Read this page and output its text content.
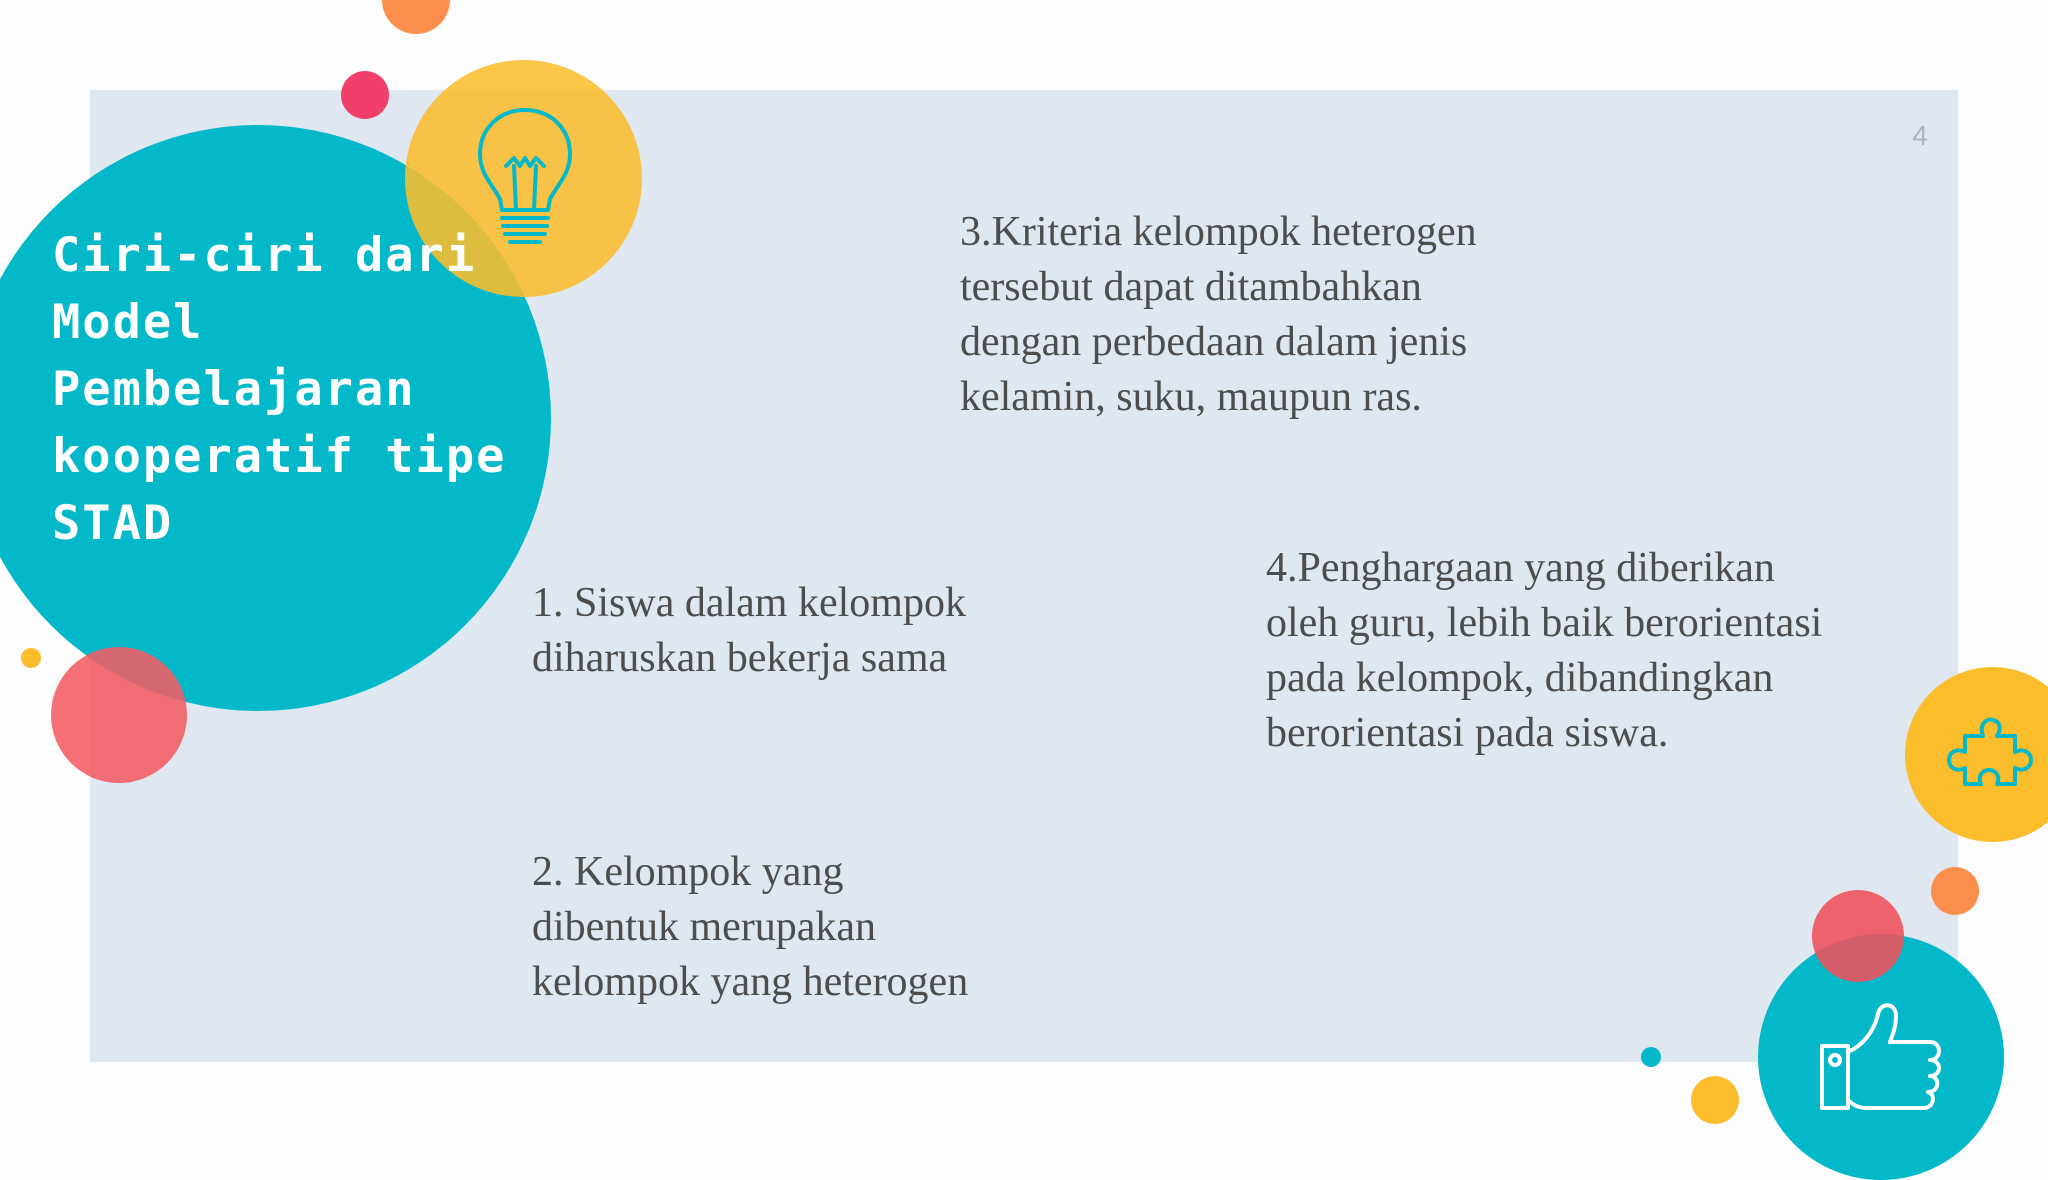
4
Ciri-ciri dari
Model
Pembelajaran
kooperatif tipe
STAD
1. Siswa dalam kelompok
diharuskan bekerja sama
2. Kelompok yang
dibentuk merupakan
kelompok yang heterogen
3.Kriteria kelompok heterogen
tersebut dapat ditambahkan
dengan perbedaan dalam jenis
kelamin, suku, maupun ras.
4.Penghargaan yang diberikan
oleh guru, lebih baik berorientasi
pada kelompok, dibandingkan
berorientasi pada siswa.
